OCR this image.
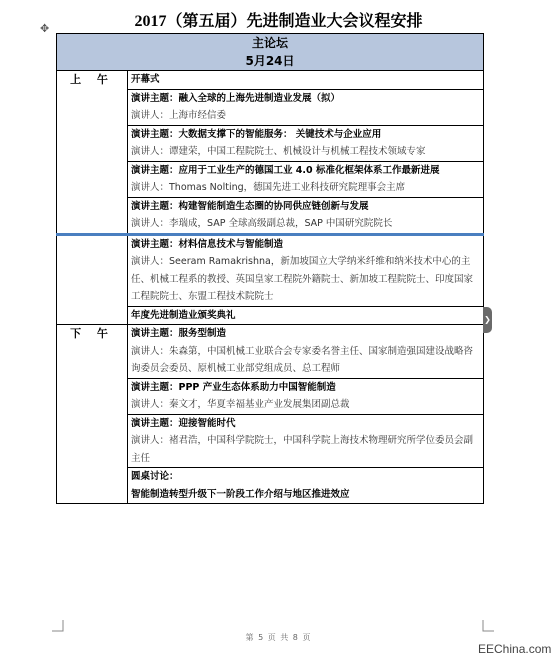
2017（第五届）先进制造业大会议程安排
✥
主论坛
5月24日	

上 午	开幕式

	演讲主题：融入全球的上海先进制造业发展（拟）
演讲人：上海市经信委

	演讲主题：大数据支撑下的智能服务： 关键技术与企业应用
演讲人：谭建荣，中国工程院院士、机械设计与机械工程技术领域专家

	演讲主题：应用于工业生产的德国工业 4.0 标准化框架体系工作最新进展
演讲人：Thomas Nolting，德国先进工业科技研究院理事会主席

	演讲主题：构建智能制造生态圈的协同供应链创新与发展
演讲人：李瑞成，SAP 全球高级副总裁，SAP 中国研究院院长

	演讲主题：材料信息技术与智能制造
演讲人：Seeram Ramakrishna，新加坡国立大学纳米纤维和纳米技术中心的主任、机械工程系的教授、英国皇家工程院外籍院士、新加坡工程院院士、印度国家工程院院士、东盟工程技术院院士

	年度先进制造业颁奖典礼
下 午	演讲主题：服务型制造
演讲人：朱森第，中国机械工业联合会专家委名誉主任、国家制造强国建设战略咨询委员会委员、原机械工业部党组成员、总工程师

	演讲主题：PPP 产业生态体系助力中国智能制造
演讲人：秦文才，华夏幸福基业产业发展集团副总裁

	演讲主题：迎接智能时代
演讲人：褚君浩，中国科学院院士，中国科学院上海技术物理研究所学位委员会副主任

	圆桌讨论：
智能制造转型升级下一阶段工作介绍与地区推进效应
❯
第 5 页 共 8 页
EEChina.com
